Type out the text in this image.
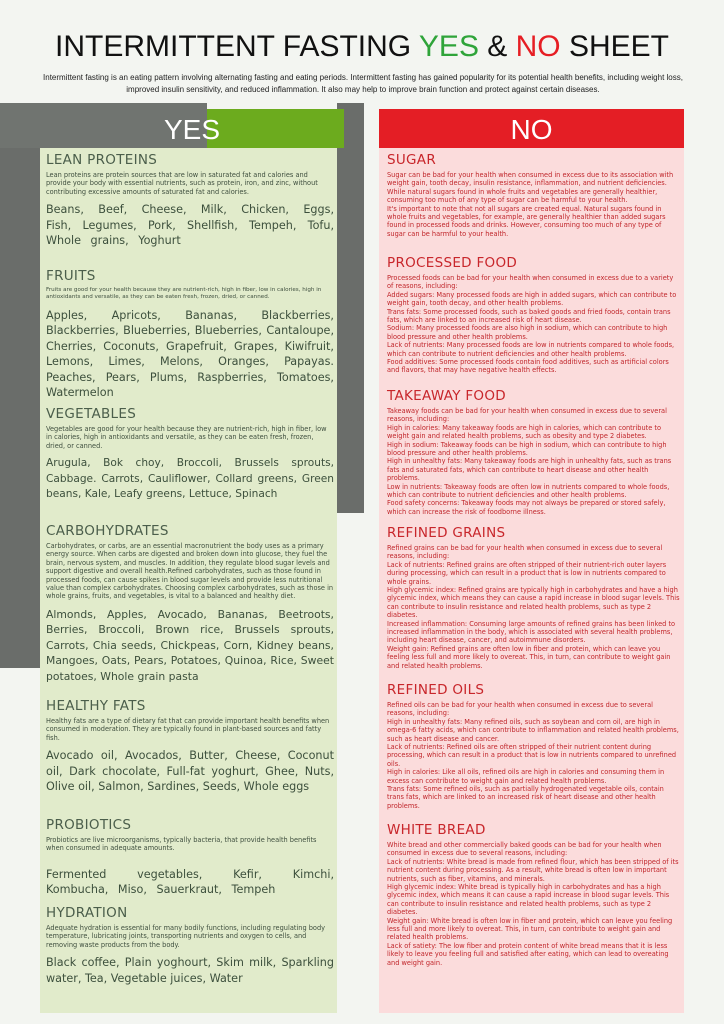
INTERMITTENT FASTING YES & NO SHEET
Intermittent fasting is an eating pattern involving alternating fasting and eating periods. Intermittent fasting has gained popularity for its potential health benefits, including weight loss, improved insulin sensitivity, and reduced inflammation. It also may help to improve brain function and protect against certain diseases.
YES	NO
LEAN PROTEINS
Lean proteins are protein sources that are low in saturated fat and calories and provide your body with essential nutrients, such as protein, iron, and zinc, without contributing excessive amounts of saturated fat and calories.
Beans, Beef, Cheese, Milk, Chicken, Eggs, Fish, Legumes, Pork, Shellfish, Tempeh, Tofu, Whole grains, Yoghurt
FRUITS
Fruits are good for your health because they are nutrient-rich, high in fiber, low in calories, high in antioxidants and versatile, as they can be eaten fresh, frozen, dried, or canned.
Apples, Apricots, Bananas, Blackberries, Blackberries, Blueberries, Blueberries, Cantaloupe, Cherries, Coconuts, Grapefruit, Grapes, Kiwifruit, Lemons, Limes, Melons, Oranges, Papayas. Peaches, Pears, Plums, Raspberries, Tomatoes, Watermelon
VEGETABLES
Vegetables are good for your health because they are nutrient-rich, high in fiber, low in calories, high in antioxidants and versatile, as they can be eaten fresh, frozen, dried, or canned.
Arugula, Bok choy, Broccoli, Brussels sprouts, Cabbage. Carrots, Cauliflower, Collard greens, Green beans, Kale, Leafy greens, Lettuce, Spinach
CARBOHYDRATES
Carbohydrates, or carbs, are an essential macronutrient the body uses as a primary energy source. When carbs are digested and broken down into glucose, they fuel the brain, nervous system, and muscles. In addition, they regulate blood sugar levels and support digestive and overall health.Refined carbohydrates, such as those found in processed foods, can cause spikes in blood sugar levels and provide less nutritional value than complex carbohydrates. Choosing complex carbohydrates, such as those in whole grains, fruits, and vegetables, is vital to a balanced and healthy diet.
Almonds, Apples, Avocado, Bananas, Beetroots, Berries, Broccoli, Brown rice, Brussels sprouts, Carrots, Chia seeds, Chickpeas, Corn, Kidney beans, Mangoes, Oats, Pears, Potatoes, Quinoa, Rice, Sweet potatoes, Whole grain pasta
HEALTHY FATS
Healthy fats are a type of dietary fat that can provide important health benefits when consumed in moderation. They are typically found in plant-based sources and fatty fish.
Avocado oil, Avocados, Butter, Cheese, Coconut oil, Dark chocolate, Full-fat yoghurt, Ghee, Nuts, Olive oil, Salmon, Sardines, Seeds, Whole eggs
PROBIOTICS
Probiotics are live microorganisms, typically bacteria, that provide health benefits when consumed in adequate amounts.
Fermented vegetables, Kefir, Kimchi, Kombucha, Miso, Sauerkraut, Tempeh
HYDRATION
Adequate hydration is essential for many bodily functions, including regulating body temperature, lubricating joints, transporting nutrients and oxygen to cells, and removing waste products from the body.
Black coffee, Plain yoghourt, Skim milk, Sparkling water, Tea, Vegetable juices, Water
SUGAR
Sugar can be bad for your health when consumed in excess due to its association with weight gain, tooth decay, insulin resistance, inflammation, and nutrient deficiencies. While natural sugars found in whole fruits and vegetables are generally healthier, consuming too much of any type of sugar can be harmful to your health.
It's important to note that not all sugars are created equal. Natural sugars found in whole fruits and vegetables, for example, are generally healthier than added sugars found in processed foods and drinks. However, consuming too much of any type of sugar can be harmful to your health.
PROCESSED FOOD
Processed foods can be bad for your health when consumed in excess due to a variety of reasons, including:
Added sugars: Many processed foods are high in added sugars, which can contribute to weight gain, tooth decay, and other health problems.
Trans fats: Some processed foods, such as baked goods and fried foods, contain trans fats, which are linked to an increased risk of heart disease.
Sodium: Many processed foods are also high in sodium, which can contribute to high blood pressure and other health problems.
Lack of nutrients: Many processed foods are low in nutrients compared to whole foods, which can contribute to nutrient deficiencies and other health problems.
Food additives: Some processed foods contain food additives, such as artificial colors and flavors, that may have negative health effects.
TAKEAWAY FOOD
Takeaway foods can be bad for your health when consumed in excess due to several reasons, including:
High in calories: Many takeaway foods are high in calories, which can contribute to weight gain and related health problems, such as obesity and type 2 diabetes.
High in sodium: Takeaway foods can be high in sodium, which can contribute to high blood pressure and other health problems.
High in unhealthy fats: Many takeaway foods are high in unhealthy fats, such as trans fats and saturated fats, which can contribute to heart disease and other health problems.
Low in nutrients: Takeaway foods are often low in nutrients compared to whole foods, which can contribute to nutrient deficiencies and other health problems.
Food safety concerns: Takeaway foods may not always be prepared or stored safely, which can increase the risk of foodborne illness.
REFINED GRAINS
Refined grains can be bad for your health when consumed in excess due to several reasons, including:
Lack of nutrients: Refined grains are often stripped of their nutrient-rich outer layers during processing, which can result in a product that is low in nutrients compared to whole grains.
High glycemic index: Refined grains are typically high in carbohydrates and have a high glycemic index, which means they can cause a rapid increase in blood sugar levels. This can contribute to insulin resistance and related health problems, such as type 2 diabetes.
Increased inflammation: Consuming large amounts of refined grains has been linked to increased inflammation in the body, which is associated with several health problems, including heart disease, cancer, and autoimmune disorders.
Weight gain: Refined grains are often low in fiber and protein, which can leave you feeling less full and more likely to overeat. This, in turn, can contribute to weight gain and related health problems.
REFINED OILS
Refined oils can be bad for your health when consumed in excess due to several reasons, including:
High in unhealthy fats: Many refined oils, such as soybean and corn oil, are high in omega-6 fatty acids, which can contribute to inflammation and related health problems, such as heart disease and cancer.
Lack of nutrients: Refined oils are often stripped of their nutrient content during processing, which can result in a product that is low in nutrients compared to unrefined oils.
High in calories: Like all oils, refined oils are high in calories and consuming them in excess can contribute to weight gain and related health problems.
Trans fats: Some refined oils, such as partially hydrogenated vegetable oils, contain trans fats, which are linked to an increased risk of heart disease and other health problems.
WHITE BREAD
White bread and other commercially baked goods can be bad for your health when consumed in excess due to several reasons, including:
Lack of nutrients: White bread is made from refined flour, which has been stripped of its nutrient content during processing. As a result, white bread is often low in important nutrients, such as fiber, vitamins, and minerals.
High glycemic index: White bread is typically high in carbohydrates and has a high glycemic index, which means it can cause a rapid increase in blood sugar levels. This can contribute to insulin resistance and related health problems, such as type 2 diabetes.
Weight gain: White bread is often low in fiber and protein, which can leave you feeling less full and more likely to overeat. This, in turn, can contribute to weight gain and related health problems.
Lack of satiety: The low fiber and protein content of white bread means that it is less likely to leave you feeling full and satisfied after eating, which can lead to overeating and weight gain.
